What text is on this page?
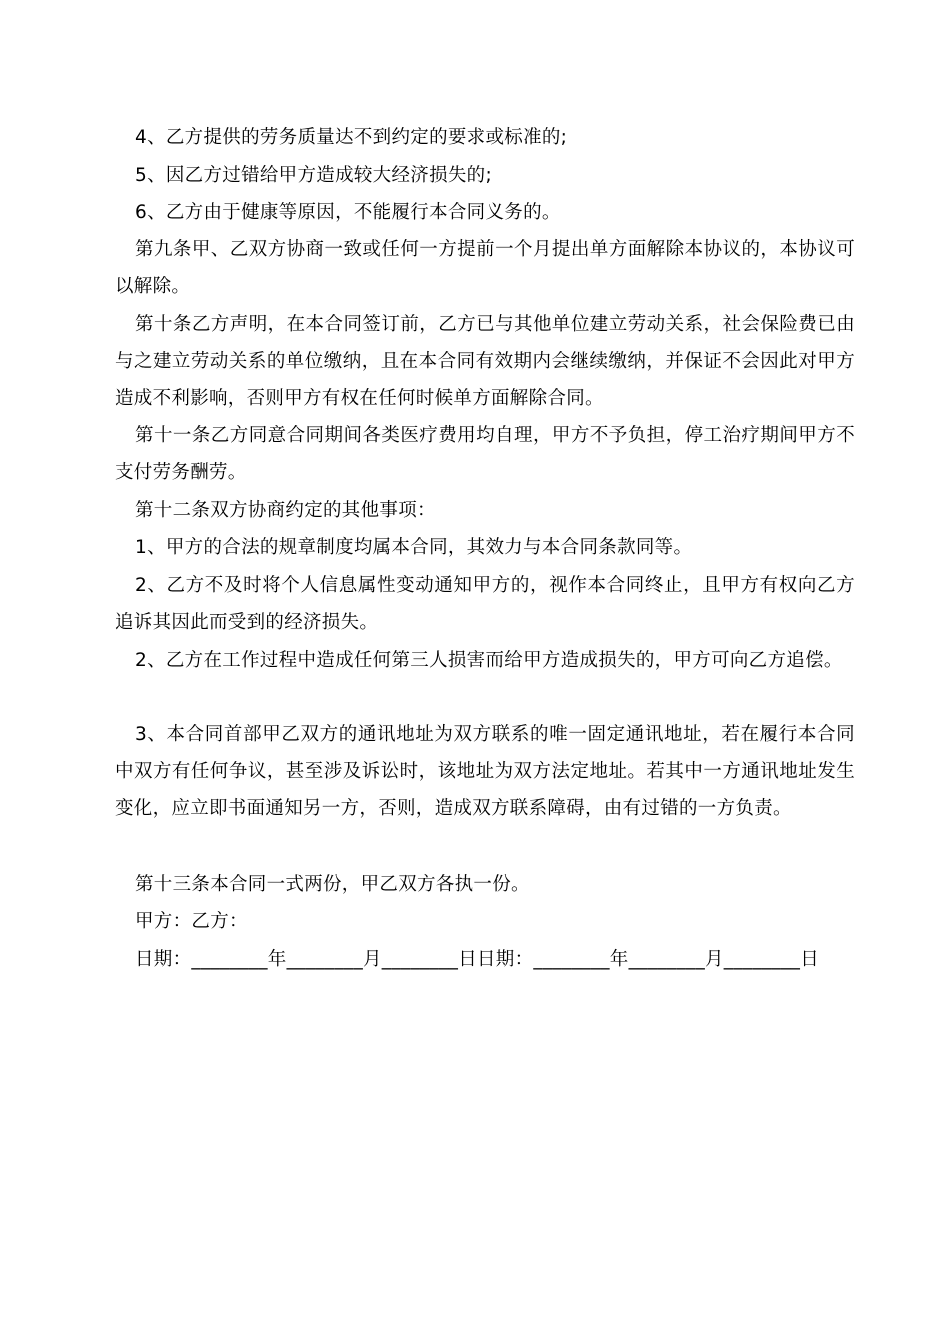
4、乙方提供的劳务质量达不到约定的要求或标准的;
5、因乙方过错给甲方造成较大经济损失的;
6、乙方由于健康等原因，不能履行本合同义务的。
第九条甲、乙双方协商一致或任何一方提前一个月提出单方面解除本协议的，本协议可以解除。
第十条乙方声明，在本合同签订前，乙方已与其他单位建立劳动关系，社会保险费已由与之建立劳动关系的单位缴纳，且在本合同有效期内会继续缴纳，并保证不会因此对甲方造成不利影响，否则甲方有权在任何时候单方面解除合同。
第十一条乙方同意合同期间各类医疗费用均自理，甲方不予负担，停工治疗期间甲方不支付劳务酬劳。
第十二条双方协商约定的其他事项：
1、甲方的合法的规章制度均属本合同，其效力与本合同条款同等。
2、乙方不及时将个人信息属性变动通知甲方的，视作本合同终止，且甲方有权向乙方追诉其因此而受到的经济损失。
2、乙方在工作过程中造成任何第三人损害而给甲方造成损失的，甲方可向乙方追偿。
3、本合同首部甲乙双方的通讯地址为双方联系的唯一固定通讯地址，若在履行本合同中双方有任何争议，甚至涉及诉讼时，该地址为双方法定地址。若其中一方通讯地址发生变化，应立即书面通知另一方，否则，造成双方联系障碍，由有过错的一方负责。
第十三条本合同一式两份，甲乙双方各执一份。
甲方：乙方：
日期：________年________月________日日期：________年________月________日
